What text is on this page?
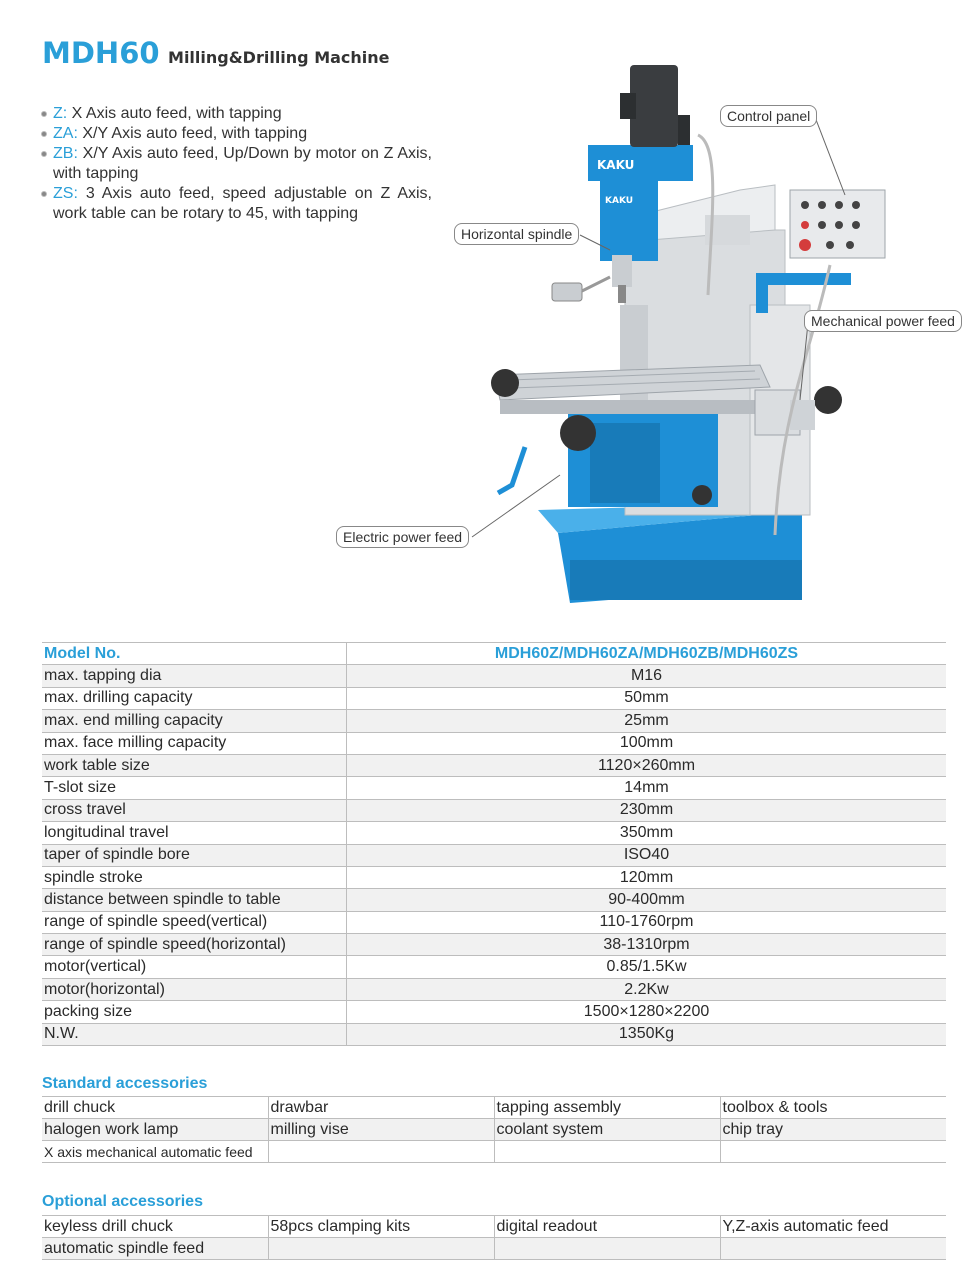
MDH60 Milling&Drilling Machine
Z: X Axis auto feed, with tapping
ZA: X/Y Axis auto feed, with tapping
ZB: X/Y Axis auto feed, Up/Down by motor on Z Axis, with tapping
ZS: 3 Axis auto feed, speed adjustable on Z Axis, work table can be rotary to 45, with tapping
KAKU
KAKU
Control panel
Horizontal spindle
Mechanical power feed
Electric power feed
Model No.	MDH60Z/MDH60ZA/MDH60ZB/MDH60ZS
max. tapping dia	M16
max. drilling capacity	50mm
max. end milling capacity	25mm
max. face milling capacity	100mm
work table size	1120×260mm
T-slot size	14mm
cross travel	230mm
longitudinal travel	350mm
taper of spindle bore	ISO40
spindle stroke	120mm
distance between spindle to table	90-400mm
range of spindle speed(vertical)	110-1760rpm
range of spindle speed(horizontal)	38-1310rpm
motor(vertical)	0.85/1.5Kw
motor(horizontal)	2.2Kw
packing size	1500×1280×2200
N.W.	1350Kg
Standard accessories
drill chuck	drawbar	tapping assembly	toolbox & tools
halogen work lamp	milling vise	coolant system	chip tray
X axis mechanical automatic feed			
Optional accessories
keyless drill chuck	58pcs clamping kits	digital readout	Y,Z-axis automatic feed
automatic spindle feed			
